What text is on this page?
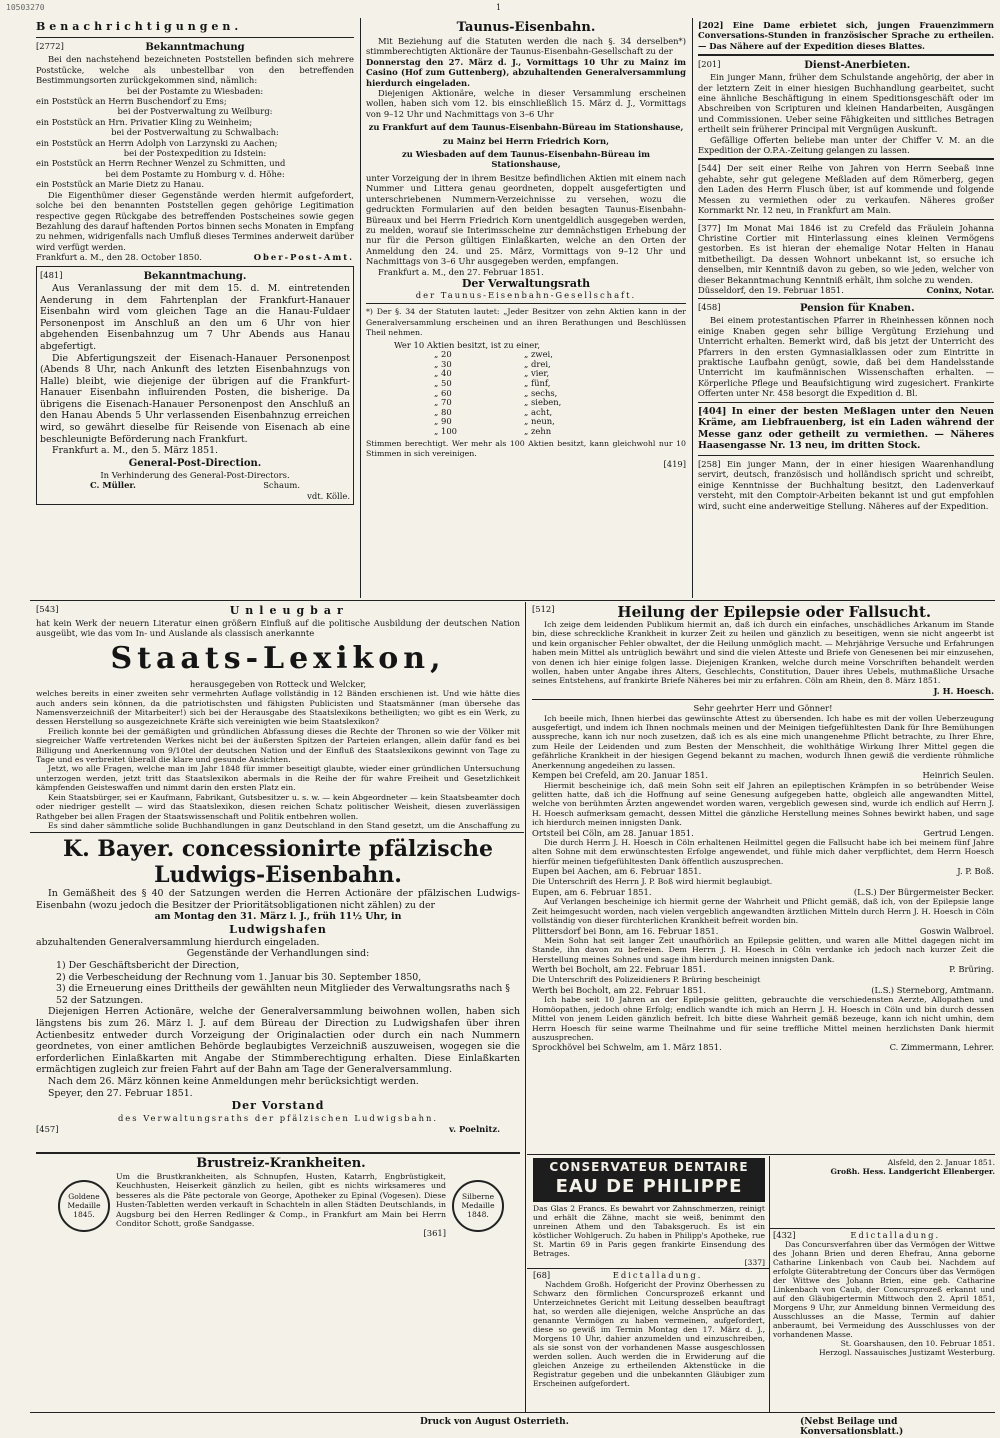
10503270	1
Benachrichtigungen.
[2772]	Bekanntmachung

Bei den nachstehend bezeichneten Poststellen befinden sich mehrere Poststücke, welche als unbestellbar von den betreffenden Bestimmungsorten zurückgekommen sind, nämlich:

bei der Postamte zu Wiesbaden:
ein Poststück an Herrn Buschendorf zu Ems;
bei der Postverwaltung zu Weilburg:
ein Poststück an Hrn. Privatier Kling zu Weinheim;
bei der Postverwaltung zu Schwalbach:
ein Poststück an Herrn Adolph von Larzynski zu Aachen;
bei der Postexpedition zu Idstein:
ein Poststück an Herrn Rechner Wenzel zu Schmitten, und
bei dem Postamte zu Homburg v. d. Höhe:
ein Poststück an Marie Dietz zu Hanau.

Die Eigenthümer dieser Gegenstände werden hiermit aufgefordert, solche bei den benannten Poststellen gegen gehörige Legitimation respective gegen Rückgabe des betreffenden Postscheines sowie gegen Bezahlung des darauf haftenden Portos binnen sechs Monaten in Empfang zu nehmen, widrigenfalls nach Umfluß dieses Termines anderweit darüber wird verfügt werden.

Frankfurt a. M., den 28. October 1850.	Ober-Post-Amt.
[481]	Bekanntmachung.

Aus Veranlassung der mit dem 15. d. M. eintretenden Aenderung in dem Fahrtenplan der Frankfurt-Hanauer Eisenbahn wird vom gleichen Tage an die Hanau-Fuldaer Personenpost im Anschluß an den um 6 Uhr von hier abgehenden Eisenbahnzug um 7 Uhr Abends aus Hanau abgefertigt.

Die Abfertigungszeit der Eisenach-Hanauer Personenpost (Abends 8 Uhr, nach Ankunft des letzten Eisenbahnzugs von Halle) bleibt, wie diejenige der übrigen auf die Frankfurt-Hanauer Eisenbahn influirenden Posten, die bisherige. Da übrigens die Eisenach-Hanauer Personenpost den Anschluß an den Hanau Abends 5 Uhr verlassenden Eisenbahnzug erreichen wird, so gewährt dieselbe für Reisende von Eisenach ab eine beschleunigte Beförderung nach Frankfurt.

Frankfurt a. M., den 5. März 1851.
General-Post-Direction.
In Verhinderung des General-Post-Directors.
C. Müller.	Schaum.
vdt. Kölle.
Taunus-Eisenbahn.

Mit Beziehung auf die Statuten werden die nach §. 34 derselben*) stimmberechtigten Aktionäre der Taunus-Eisenbahn-Gesellschaft zu der

Donnerstag den 27. März d. J., Vormittags 10 Uhr zu Mainz im Casino (Hof zum Guttenberg), abzuhaltenden Generalversammlung hierdurch eingeladen.

Diejenigen Aktionäre, welche in dieser Versammlung erscheinen wollen, haben sich vom 12. bis einschließlich 15. März d. J., Vormittags von 9–12 Uhr und Nachmittags von 3–6 Uhr

zu Frankfurt auf dem Taunus-Eisenbahn-Büreau im Stationshause,

zu Mainz bei Herrn Friedrich Korn,

zu Wiesbaden auf dem Taunus-Eisenbahn-Büreau im Stationshause,

unter Vorzeigung der in ihrem Besitze befindlichen Aktien mit einem nach Nummer und Littera genau geordneten, doppelt ausgefertigten und unterschriebenen Nummern-Verzeichnisse zu versehen, wozu die gedruckten Formularien auf den beiden besagten Taunus-Eisenbahn-Büreaux und bei Herrn Friedrich Korn unentgeldlich ausgegeben werden, zu melden, worauf sie Interimsscheine zur demnächstigen Erhebung der nur für die Person gültigen Einlaßkarten, welche an den Orten der Anmeldung den 24. und 25. März, Vormittags von 9–12 Uhr und Nachmittags von 3–6 Uhr ausgegeben werden, empfangen.

Frankfurt a. M., den 27. Februar 1851.
Der Verwaltungsrath
der Taunus-Eisenbahn-Gesellschaft.

*) Der §. 34 der Statuten lautet: „Jeder Besitzer von zehn Aktien kann in der Generalversammlung erscheinen und an ihren Berathungen und Beschlüssen Theil nehmen.

Wer 10 Aktien besitzt, ist zu einer,
„ 20	„ zwei,
„ 30	„ drei,
„ 40	„ vier,
„ 50	„ fünf,
„ 60	„ sechs,
„ 70	„ sieben,
„ 80	„ acht,
„ 90	„ neun,
„ 100	„ zehn

Stimmen berechtigt. Wer mehr als 100 Aktien besitzt, kann gleichwohl nur 10 Stimmen in sich vereinigen.

[419]

[202] Eine Dame erbietet sich, jungen Frauenzimmern Conversations-Stunden in französischer Sprache zu ertheilen. — Das Nähere auf der Expedition dieses Blattes.

[201]	Dienst-Anerbieten.

Ein junger Mann, früher dem Schulstande angehörig, der aber in der letztern Zeit in einer hiesigen Buchhandlung gearbeitet, sucht eine ähnliche Beschäftigung in einem Speditionsgeschäft oder im Abschreiben von Scripturen und kleinen Handarbeiten, Ausgängen und Commissionen. Ueber seine Fähigkeiten und sittliches Betragen ertheilt sein früherer Principal mit Vergnügen Auskunft.

Gefällige Offerten beliebe man unter der Chiffer V. M. an die Expedition der O.P.A.-Zeitung gelangen zu lassen.

[544] Der seit einer Reihe von Jahren von Herrn Seebaß inne gehabte, sehr gut gelegene Meßladen auf dem Römerberg, gegen den Laden des Herrn Flusch über, ist auf kommende und folgende Messen zu vermiethen oder zu verkaufen. Näheres großer Kornmarkt Nr. 12 neu, in Frankfurt am Main.

[377] Im Monat Mai 1846 ist zu Crefeld das Fräulein Johanna Christine Cortier mit Hinterlassung eines kleinen Vermögens gestorben. Es ist hieran der ehemalige Notar Helten in Hanau mitbetheiligt. Da dessen Wohnort unbekannt ist, so ersuche ich denselben, mir Kenntniß davon zu geben, so wie jeden, welcher von dieser Bekanntmachung Kenntniß erhält, ihm solche zu wenden.

Düsseldorf, den 19. Februar 1851.	Coninx, Notar.
[458]	Pension für Knaben.

Bei einem protestantischen Pfarrer in Rheinhessen können noch einige Knaben gegen sehr billige Vergütung Erziehung und Unterricht erhalten. Bemerkt wird, daß bis jetzt der Unterricht des Pfarrers in den ersten Gymnasialklassen oder zum Eintritte in praktische Laufbahn genügt, sowie, daß bei dem Handelsstande Unterricht im kaufmännischen Wissenschaften erhalten. — Körperliche Pflege und Beaufsichtigung wird zugesichert. Frankirte Offerten unter Nr. 458 besorgt die Expedition d. Bl.

[404] In einer der besten Meßlagen unter den Neuen Kräme, am Liebfrauenberg, ist ein Laden während der Messe ganz oder getheilt zu vermiethen. — Näheres Haasengasse Nr. 13 neu, im dritten Stock.

[258] Ein junger Mann, der in einer hiesigen Waarenhandlung servirt, deutsch, französisch und holländisch spricht und schreibt, einige Kenntnisse der Buchhaltung besitzt, den Ladenverkauf versteht, mit den Comptoir-Arbeiten bekannt ist und gut empfohlen wird, sucht eine anderweitige Stellung. Näheres auf der Expedition.

[543]	Unleugbar

hat kein Werk der neuern Literatur einen größern Einfluß auf die politische Ausbildung der deutschen Nation ausgeübt, wie das vom In- und Auslande als classisch anerkannte

Staats-Lexikon,
herausgegeben von Rotteck und Welcker,

welches bereits in einer zweiten sehr vermehrten Auflage vollständig in 12 Bänden erschienen ist. Und wie hätte dies auch anders sein können, da die patriotischsten und fähigsten Publicisten und Staatsmänner (man übersehe das Namensverzeichniß der Mitarbeiter!) sich bei der Herausgabe des Staatslexikons betheiligten; wo gibt es ein Werk, zu dessen Herstellung so ausgezeichnete Kräfte sich vereinigten wie beim Staatslexikon?

Freilich konnte bei der gemäßigten und gründlichen Abfassung dieses die Rechte der Thronen so wie der Völker mit siegreicher Waffe vertretenden Werkes nicht bei der äußersten Spitzen der Parteien erlangen, allein dafür fand es bei Billigung und Anerkennung von 9/10tel der deutschen Nation und der Einfluß des Staatslexikons gewinnt von Tage zu Tage und es verbreitet überall die klare und gesunde Ansichten.

Jetzt, wo alle Fragen, welche man im Jahr 1848 für immer beseitigt glaubte, wieder einer gründlichen Untersuchung unterzogen werden, jetzt tritt das Staatslexikon abermals in die Reihe der für wahre Freiheit und Gesetzlichkeit kämpfenden Geisteswaffen und nimmt darin den ersten Platz ein.

Kein Staatsbürger, sei er Kaufmann, Fabrikant, Gutsbesitzer u. s. w. — kein Abgeordneter — kein Staatsbeamter doch oder niedriger gestellt — wird das Staatslexikon, diesen reichen Schatz politischer Weisheit, diesen zuverlässigen Rathgeber bei allen Fragen der Staatswissenschaft und Politik entbehren wollen.

Es sind daher sämmtliche solide Buchhandlungen in ganz Deutschland in den Stand gesetzt, um die Anschaffung zu

K. Bayer. concessionirte pfälzische Ludwigs-Eisenbahn.

In Gemäßheit des § 40 der Satzungen werden die Herren Actionäre der pfälzischen Ludwigs-Eisenbahn (wozu jedoch die Besitzer der Prioritätsobligationen nicht zählen) zu der

am Montag den 31. März l. J., früh 11½ Uhr, in
Ludwigshafen
abzuhaltenden Generalversammlung hierdurch eingeladen.
Gegenstände der Verhandlungen sind:
1) Der Geschäftsbericht der Direction,
2) die Verbescheidung der Rechnung vom 1. Januar bis 30. September 1850,
3) die Erneuerung eines Drittheils der gewählten neun Mitglieder des Verwaltungsraths nach § 52 der Satzungen.

Diejenigen Herren Actionäre, welche der Generalversammlung beiwohnen wollen, haben sich längstens bis zum 26. März l. J. auf dem Büreau der Direction zu Ludwigshafen über ihren Actienbesitz entweder durch Vorzeigung der Originalactien oder durch ein nach Nummern geordnetes, von einer amtlichen Behörde beglaubigtes Verzeichniß auszuweisen, wogegen sie die erforderlichen Einlaßkarten mit Angabe der Stimmberechtigung erhalten. Diese Einlaßkarten ermächtigen zugleich zur freien Fahrt auf der Bahn am Tage der Generalversammlung.

Nach dem 26. März können keine Anmeldungen mehr berücksichtigt werden.

Speyer, den 27. Februar 1851.
Der Vorstand
des Verwaltungsraths der pfälzischen Ludwigsbahn.
[457]	v. Poelnitz.
Goldene Medaille 1845.
Silberne Medaille 1848.
Brustreiz-Krankheiten.

Um die Brustkrankheiten, als Schnupfen, Husten, Katarrh, Engbrüstigkeit, Keuchhusten, Heiserkeit gänzlich zu heilen, gibt es nichts wirksameres und besseres als die Pâte pectorale von George, Apotheker zu Epinal (Vogesen). Diese Husten-Tabletten werden verkauft in Schachteln in allen Städten Deutschlands, in Augsburg bei den Herren Redlinger & Comp., in Frankfurt am Main bei Herrn Conditor Schott, große Sandgasse.

[361]
[512]	Heilung der Epilepsie oder Fallsucht.

Ich zeige dem leidenden Publikum hiermit an, daß ich durch ein einfaches, unschädliches Arkanum im Stande bin, diese schreckliche Krankheit in kurzer Zeit zu heilen und gänzlich zu beseitigen, wenn sie nicht angeerbt ist und kein organischer Fehler obwaltet, der die Heilung unmöglich macht. — Mehrjährige Versuche und Erfahrungen haben mein Mittel als untrüglich bewährt und sind die vielen Atteste und Briefe von Genesenen bei mir einzusehen, von denen ich hier einige folgen lasse. Diejenigen Kranken, welche durch meine Vorschriften behandelt werden wollen, haben unter Angabe ihres Alters, Geschlechts, Constitution, Dauer ihres Uebels, muthmaßliche Ursache seines Entstehens, auf frankirte Briefe Näheres bei mir zu erfahren. Cöln am Rhein, den 8. März 1851.

J. H. Hoesch.
Sehr geehrter Herr und Gönner!

Ich beeile mich, Ihnen hierbei das gewünschte Attest zu übersenden. Ich habe es mit der vollen Ueberzeugung ausgefertigt, und indem ich Ihnen nochmals meinen und der Meinigen tiefgefühltesten Dank für Ihre Bemühungen ausspreche, kann ich nur noch zusetzen, daß ich es als eine mich unangenehme Pflicht betrachte, zu Ihrer Ehre, zum Heile der Leidenden und zum Besten der Menschheit, die wohlthätige Wirkung Ihrer Mittel gegen die gefährliche Krankheit in der hiesigen Gegend bekannt zu machen, wodurch Ihnen gewiß die verdiente rühmliche Anerkennung angedeihen zu lassen.

Kempen bei Crefeld, am 20. Januar 1851.	Heinrich Seulen.

Hiermit bescheinige ich, daß mein Sohn seit elf Jahren an epileptischen Krämpfen in so betrübender Weise gelitten hatte, daß ich die Hoffnung auf seine Genesung aufgegeben hatte, obgleich alle angewandten Mittel, welche von berühmten Ärzten angewendet worden waren, vergeblich gewesen sind, wurde ich endlich auf Herrn J. H. Hoesch aufmerksam gemacht, dessen Mittel die gänzliche Herstellung meines Sohnes bewirkt haben, und sage ich hierdurch meinen innigsten Dank.

Ortsteil bei Cöln, am 28. Januar 1851.	Gertrud Lengen.

Die durch Herrn J. H. Hoesch in Cöln erhaltenen Heilmittel gegen die Fallsucht habe ich bei meinem fünf Jahre alten Sohne mit dem erwünschtesten Erfolge angewendet, und fühle mich daher verpflichtet, dem Herrn Hoesch hierfür meinen tiefgefühltesten Dank öffentlich auszusprechen.

Eupen bei Aachen, am 6. Februar 1851.	J. P. Boß.
Die Unterschrift des Herrn J. P. Boß wird hiermit beglaubigt.
Eupen, am 6. Februar 1851.	(L.S.) Der Bürgermeister Becker.

Auf Verlangen bescheinige ich hiermit gerne der Wahrheit und Pflicht gemäß, daß ich, von der Epilepsie lange Zeit heimgesucht worden, nach vielen vergeblich angewandten ärztlichen Mitteln durch Herrn J. H. Hoesch in Cöln vollständig von dieser fürchterlichen Krankheit befreit worden bin.

Plittersdorf bei Bonn, am 16. Februar 1851.	Goswin Walbroel.

Mein Sohn hat seit langer Zeit unaufhörlich an Epilepsie gelitten, und waren alle Mittel dagegen nicht im Stande, ihn davon zu befreien. Dem Herrn J. H. Hoesch in Cöln verdanke ich jedoch nach kurzer Zeit die Herstellung meines Sohnes und sage ihm hierdurch meinen innigsten Dank.

Werth bei Bocholt, am 22. Februar 1851.	P. Brüring.
Die Unterschrift des Polizeidieners P. Brüring bescheinigt
Werth bei Bocholt, am 22. Februar 1851.	(L.S.) Sterneborg, Amtmann.

Ich habe seit 10 Jahren an der Epilepsie gelitten, gebrauchte die verschiedensten Aerzte, Allopathen und Homöopathen, jedoch ohne Erfolg; endlich wandte ich mich an Herrn J. H. Hoesch in Cöln und bin durch dessen Mittel von jenem Leiden gänzlich befreit. Ich bitte diese Wahrheit gemäß bezeuge, kann ich nicht umhin, dem Herrn Hoesch für seine warme Theilnahme und für seine treffliche Mittel meinen herzlichsten Dank hiermit auszusprechen.

Sprockhövel bei Schwelm, am 1. März 1851.	C. Zimmermann, Lehrer.
CONSERVATEUR DENTAIRE
EAU DE PHILIPPE

Das Glas 2 Francs. Es bewahrt vor Zahnschmerzen, reinigt und erhält die Zähne, macht sie weiß, benimmt den unreinen Athem und den Tabaksgeruch. Es ist ein köstlicher Wohlgeruch. Zu haben in Philipp's Apotheke, rue St. Martin 69 in Paris gegen frankirte Einsendung des Betrages.

[337]
[68]	Edictalladung.

Nachdem Großh. Hofgericht der Provinz Oberhessen zu Schwarz den förmlichen Concursprozeß erkannt und Unterzeichnetes Gericht mit Leitung desselben beauftragt hat, so werden alle diejenigen, welche Ansprüche an das genannte Vermögen zu haben vermeinen, aufgefordert, diese so gewiß im Termin Montag den 17. März d. J., Morgens 10 Uhr, dahier anzumelden und einzuschreiben, als sie sonst von der vorhandenen Masse ausgeschlossen werden sollen. Auch werden die in Erwiderung auf die gleichen Anzeige zu ertheilenden Aktenstücke in die Registratur gegeben und die unbekannten Gläubiger zum Erscheinen aufgefordert.

Alsfeld, den 2. Januar 1851.
Großh. Hess. Landgericht Ellenberger.
[432]	Edictalladung.

Das Concursverfahren über das Vermögen der Wittwe des Johann Brien und deren Ehefrau, Anna geborne Catharine Linkenbach von Caub bei. Nachdem auf erfolgte Güterabtretung der Concurs über das Vermögen der Wittwe des Johann Brien, eine geb. Catharine Linkenbach von Caub, der Concursprozeß erkannt und auf den Gläubigertermin Mittwoch den 2. April 1851, Morgens 9 Uhr, zur Anmeldung binnen Vermeidung des Ausschlusses an die Masse, Termin auf dahier anberaumt, bei Vermeidung des Ausschlusses von der vorhandenen Masse.

St. Goarshausen, den 10. Februar 1851.
Herzogl. Nassauisches Justizamt Westerburg.
Druck von August Osterrieth.	(Nebst Beilage und Konversationsblatt.)
